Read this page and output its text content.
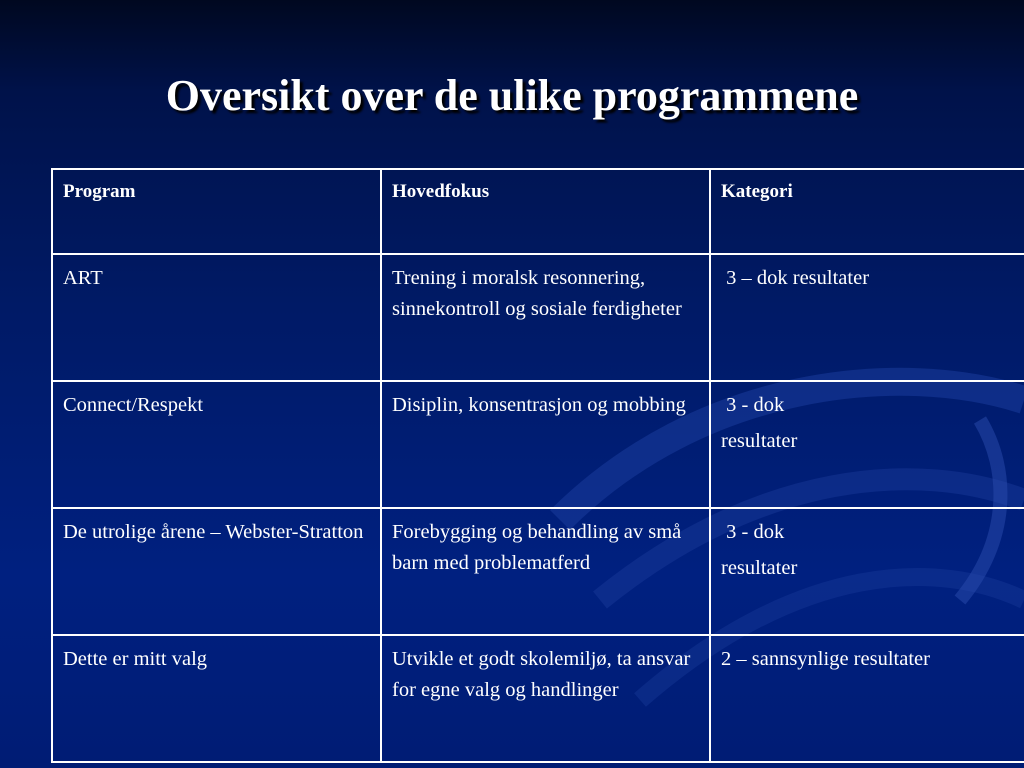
Oversikt over de ulike programmene
Program	Hovedfokus	Kategori
ART	Trening i moralsk resonnering, sinnekontroll og sosiale ferdigheter	3 – dok resultater
Connect/Respekt	Disiplin, konsentrasjon og mobbing	3 - dok
resultater

De utrolige årene – Webster-Stratton	Forebygging og behandling av små barn med problematferd	3 - dok
resultater

Dette er mitt valg	Utvikle et godt skolemiljø, ta ansvar for egne valg og handlinger	2 – sannsynlige resultater
